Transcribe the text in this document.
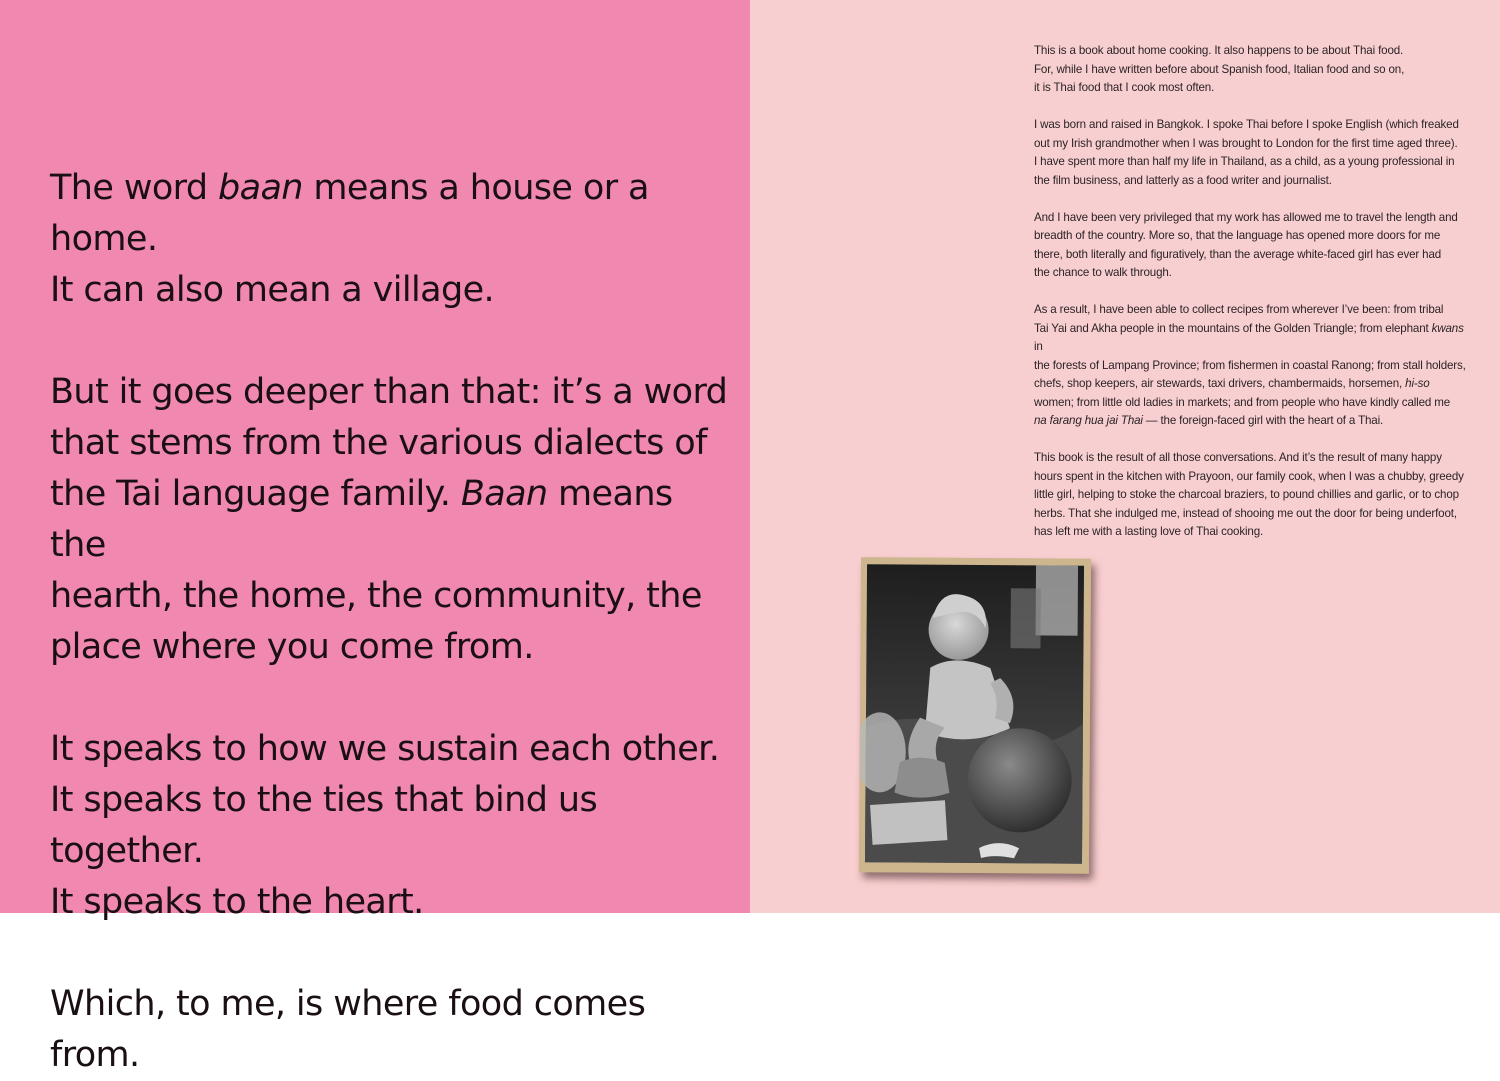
The word baan means a house or a home.
It can also mean a village.

But it goes deeper than that: it’s a word
that stems from the various dialects of
the Tai language family. Baan means the
hearth, the home, the community, the
place where you come from.

It speaks to how we sustain each other.
It speaks to the ties that bind us together.
It speaks to the heart.

Which, to me, is where food comes from.

This is a book about home cooking. It also happens to be about Thai food.
For, while I have written before about Spanish food, Italian food and so on,
it is Thai food that I cook most often.

I was born and raised in Bangkok. I spoke Thai before I spoke English (which freaked
out my Irish grandmother when I was brought to London for the first time aged three).
I have spent more than half my life in Thailand, as a child, as a young professional in
the film business, and latterly as a food writer and journalist.

And I have been very privileged that my work has allowed me to travel the length and
breadth of the country. More so, that the language has opened more doors for me
there, both literally and figuratively, than the average white-faced girl has ever had
the chance to walk through.

As a result, I have been able to collect recipes from wherever I’ve been: from tribal
Tai Yai and Akha people in the mountains of the Golden Triangle; from elephant kwans in
the forests of Lampang Province; from fishermen in coastal Ranong; from stall holders,
chefs, shop keepers, air stewards, taxi drivers, chambermaids, horsemen, hi-so
women; from little old ladies in markets; and from people who have kindly called me
na farang hua jai Thai — the foreign-faced girl with the heart of a Thai.

This book is the result of all those conversations. And it’s the result of many happy
hours spent in the kitchen with Prayoon, our family cook, when I was a chubby, greedy
little girl, helping to stoke the charcoal braziers, to pound chillies and garlic, or to chop
herbs. That she indulged me, instead of shooing me out the door for being underfoot,
has left me with a lasting love of Thai cooking.
